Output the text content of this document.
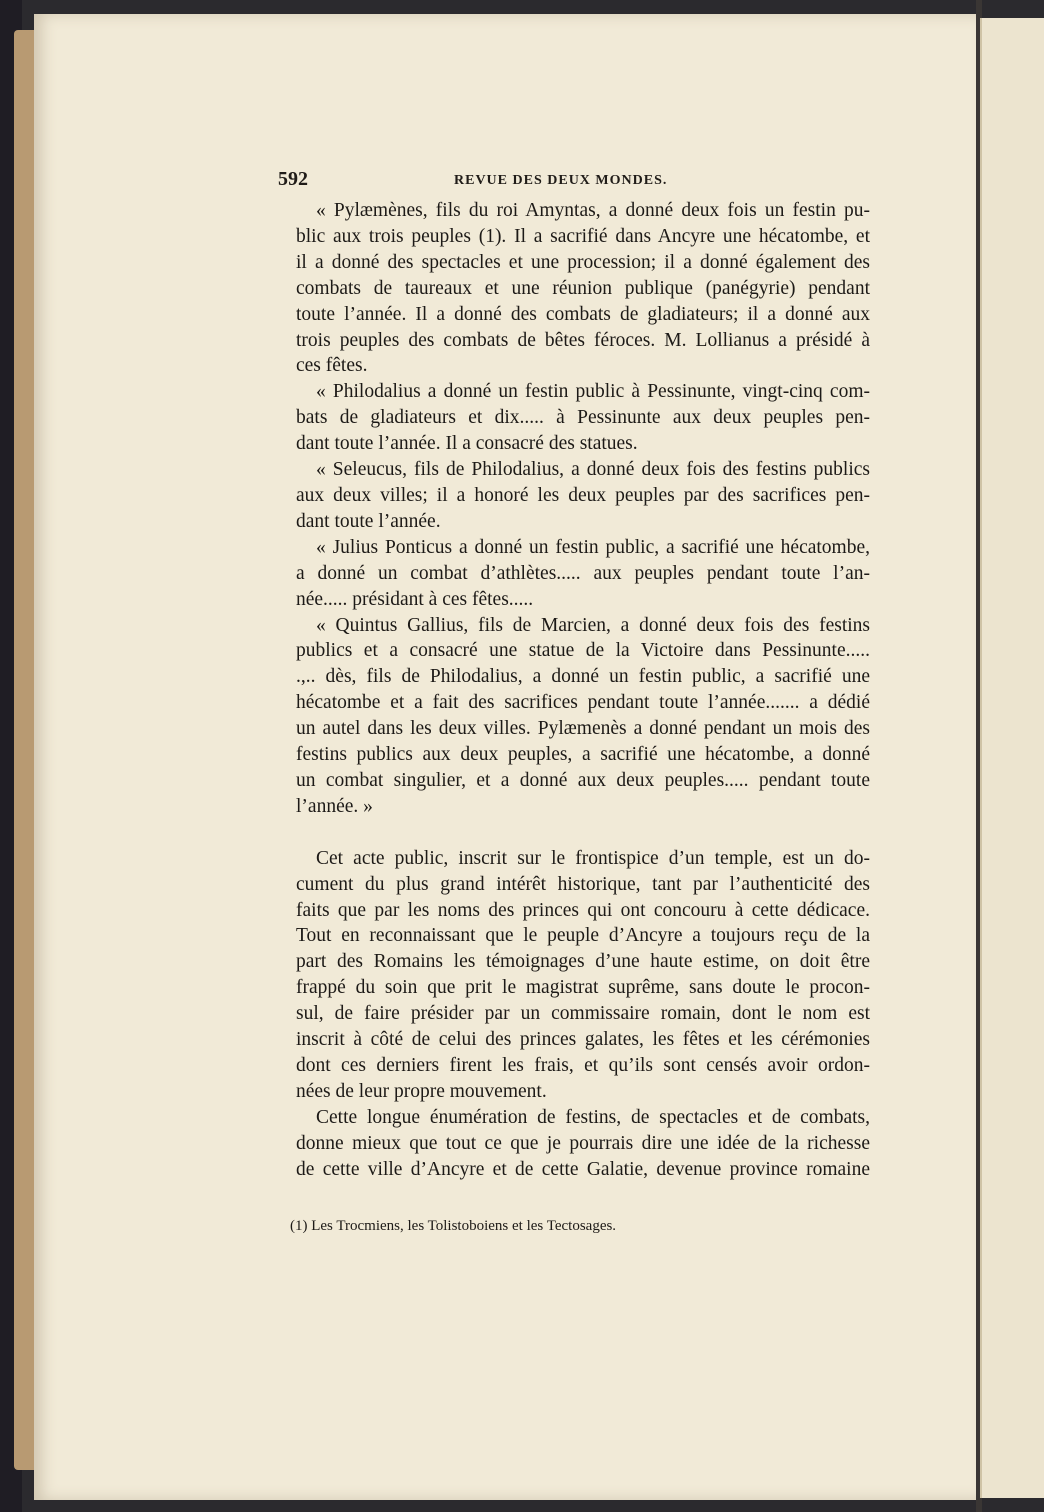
592	REVUE DES DEUX MONDES.

« Pylæmènes, fils du roi Amyntas, a donné deux fois un festin pu-
blic aux trois peuples (1). Il a sacrifié dans Ancyre une hécatombe, et
il a donné des spectacles et une procession; il a donné également des
combats de taureaux et une réunion publique (panégyrie) pendant
toute l’année. Il a donné des combats de gladiateurs; il a donné aux
trois peuples des combats de bêtes féroces. M. Lollianus a présidé à
ces fêtes.

« Philodalius a donné un festin public à Pessinunte, vingt-cinq com-
bats de gladiateurs et dix..... à Pessinunte aux deux peuples pen-
dant toute l’année. Il a consacré des statues.

« Seleucus, fils de Philodalius, a donné deux fois des festins publics
aux deux villes; il a honoré les deux peuples par des sacrifices pen-
dant toute l’année.

« Julius Ponticus a donné un festin public, a sacrifié une hécatombe,
a donné un combat d’athlètes..... aux peuples pendant toute l’an-
née..... présidant à ces fêtes.....

« Quintus Gallius, fils de Marcien, a donné deux fois des festins
publics et a consacré une statue de la Victoire dans Pessinunte.....
.,.. dès, fils de Philodalius, a donné un festin public, a sacrifié une
hécatombe et a fait des sacrifices pendant toute l’année....... a dédié
un autel dans les deux villes. Pylæmenès a donné pendant un mois des
festins publics aux deux peuples, a sacrifié une hécatombe, a donné
un combat singulier, et a donné aux deux peuples..... pendant toute
l’année. »

Cet acte public, inscrit sur le frontispice d’un temple, est un do-
cument du plus grand intérêt historique, tant par l’authenticité des
faits que par les noms des princes qui ont concouru à cette dédicace.
Tout en reconnaissant que le peuple d’Ancyre a toujours reçu de la
part des Romains les témoignages d’une haute estime, on doit être
frappé du soin que prit le magistrat suprême, sans doute le procon-
sul, de faire présider par un commissaire romain, dont le nom est
inscrit à côté de celui des princes galates, les fêtes et les cérémonies
dont ces derniers firent les frais, et qu’ils sont censés avoir ordon-
nées de leur propre mouvement.

Cette longue énumération de festins, de spectacles et de combats,
donne mieux que tout ce que je pourrais dire une idée de la richesse
de cette ville d’Ancyre et de cette Galatie, devenue province romaine

(1) Les Trocmiens, les Tolistoboiens et les Tectosages.
